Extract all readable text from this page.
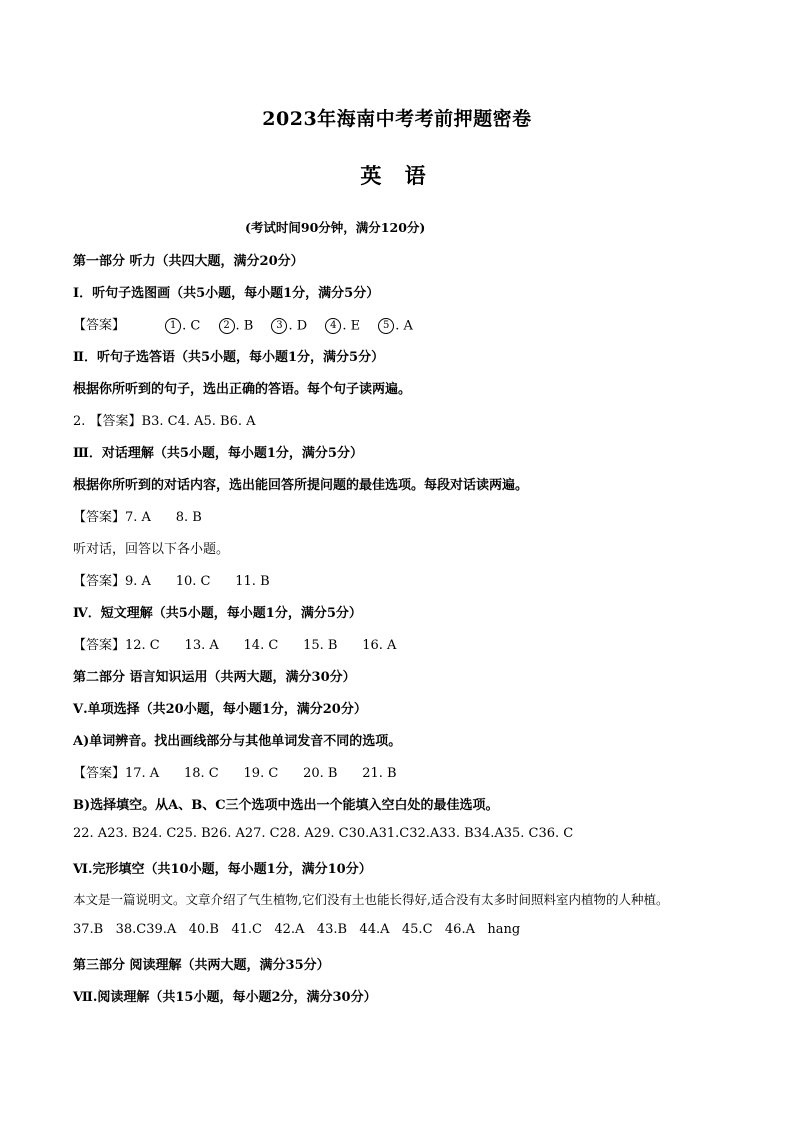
2023年海南中考考前押题密卷
英 语
(考试时间90分钟，满分120分)
第一部分 听力（共四大题，满分20分）
Ⅰ．听句子选图画（共5小题，每小题1分，满分5分）
【答案】	1 . C 2 . B 3 . D 4 . E 5 . A
Ⅱ．听句子选答语（共5小题，每小题1分，满分5分）
根据你所听到的句子，选出正确的答语。每个句子读两遍。
2. 【答案】B3. C4. A5. B6. A
Ⅲ．对话理解（共5小题，每小题1分，满分5分）
根据你所听到的对话内容，选出能回答所提问题的最佳选项。每段对话读两遍。
【答案】7. A      8. B
听对话，回答以下各小题。
【答案】9. A      10. C      11. B
Ⅳ．短文理解（共5小题，每小题1分，满分5分）
【答案】12. C      13. A      14. C      15. B      16. A
第二部分 语言知识运用（共两大题，满分30分）
Ⅴ.单项选择（共20小题，每小题1分，满分20分）
A)单词辨音。找出画线部分与其他单词发音不同的选项。
【答案】17. A      18. C      19. C      20. B      21. B
B)选择填空。从A、B、C三个选项中选出一个能填入空白处的最佳选项。
22. A23. B24. C25. B26. A27. C28. A29. C30.A31.C32.A33. B34.A35. C36. C
Ⅵ.完形填空（共10小题，每小题1分，满分10分）
本文是一篇说明文。文章介绍了气生植物,它们没有土也能长得好,适合没有太多时间照料室内植物的人种植。
37.B   38.C39.A   40.B   41.C   42.A   43.B   44.A   45.C   46.A   hang
第三部分 阅读理解（共两大题，满分35分）
Ⅶ.阅读理解（共15小题，每小题2分，满分30分）
